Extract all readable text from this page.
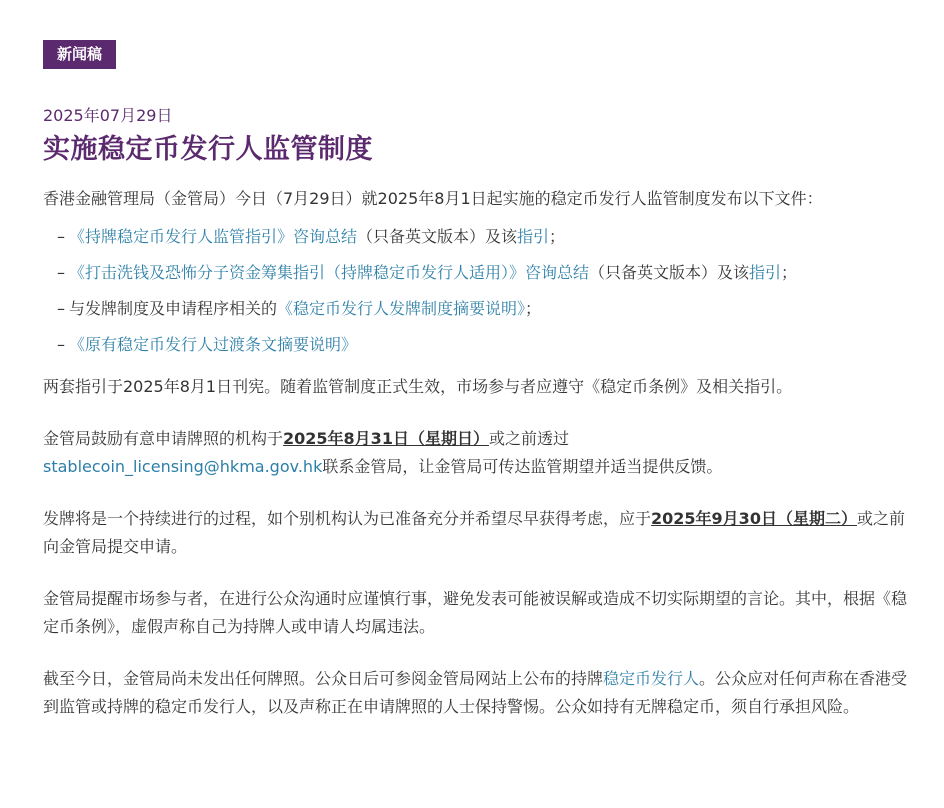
新闻稿
2025年07月29日
实施稳定币发行人监管制度

香港金融管理局（金管局）今日（7月29日）就2025年8月1日起实施的稳定币发行人监管制度发布以下文件：

– 《持牌稳定币发行人监管指引》咨询总结（只备英文版本）及该指引；
– 《打击洗钱及恐怖分子资金筹集指引（持牌稳定币发行人适用）》咨询总结（只备英文版本）及该指引；
– 与发牌制度及申请程序相关的《稳定币发行人发牌制度摘要说明》；
– 《原有稳定币发行人过渡条文摘要说明》

两套指引于2025年8月1日刊宪。随着监管制度正式生效，市场参与者应遵守《稳定币条例》及相关指引。

金管局鼓励有意申请牌照的机构于2025年8月31日（星期日）或之前透过
stablecoin_licensing@hkma.gov.hk联系金管局，让金管局可传达监管期望并适当提供反馈。

发牌将是一个持续进行的过程，如个别机构认为已准备充分并希望尽早获得考虑，应于2025年9月30日（星期二）或之前向金管局提交申请。

金管局提醒市场参与者，在进行公众沟通时应谨慎行事，避免发表可能被误解或造成不切实际期望的言论。其中，根据《稳定币条例》，虚假声称自己为持牌人或申请人均属违法。

截至今日，金管局尚未发出任何牌照。公众日后可参阅金管局网站上公布的持牌稳定币发行人。公众应对任何声称在香港受到监管或持牌的稳定币发行人，以及声称正在申请牌照的人士保持警惕。公众如持有无牌稳定币，须自行承担风险。
